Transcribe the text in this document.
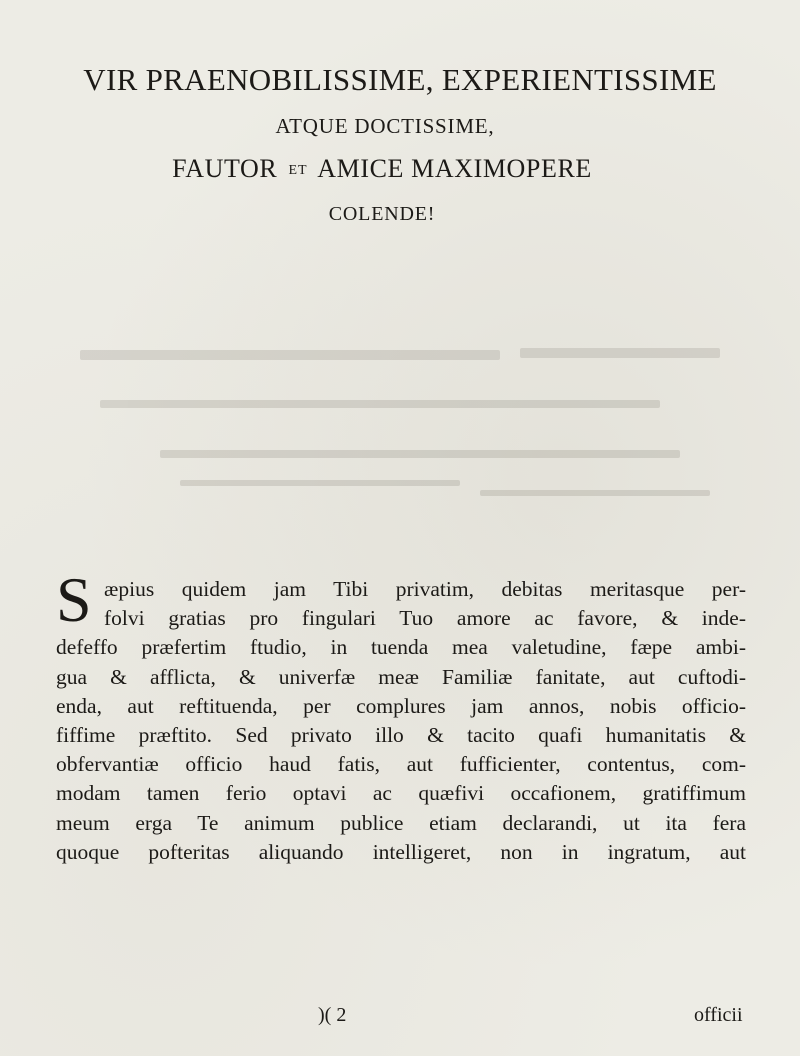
VIR PRAENOBILISSIME, EXPERIENTISSIME
ATQUE DOCTISSIME,
FAUTOR ET AMICE MAXIMOPERE
COLENDE!
S æpius quidem jam Tibi privatim, debitas meritasque per-
folvi gratias pro fingulari Tuo amore ac favore, & inde-
defeffo præfertim ftudio, in tuenda mea valetudine, fæpe ambi-
gua & afflicta, & univerfæ meæ Familiæ fanitate, aut cuftodi-
enda, aut reftituenda, per complures jam annos, nobis officio-
fiffime præftito. Sed privato illo & tacito quafi humanitatis &
obfervantiæ officio haud fatis, aut fufficienter, contentus, com-
modam tamen ferio optavi ac quæfivi occafionem, gratiffimum
meum erga Te animum publice etiam declarandi, ut ita fera
quoque pofteritas aliquando intelligeret, non in ingratum, aut
)( 2	officii
